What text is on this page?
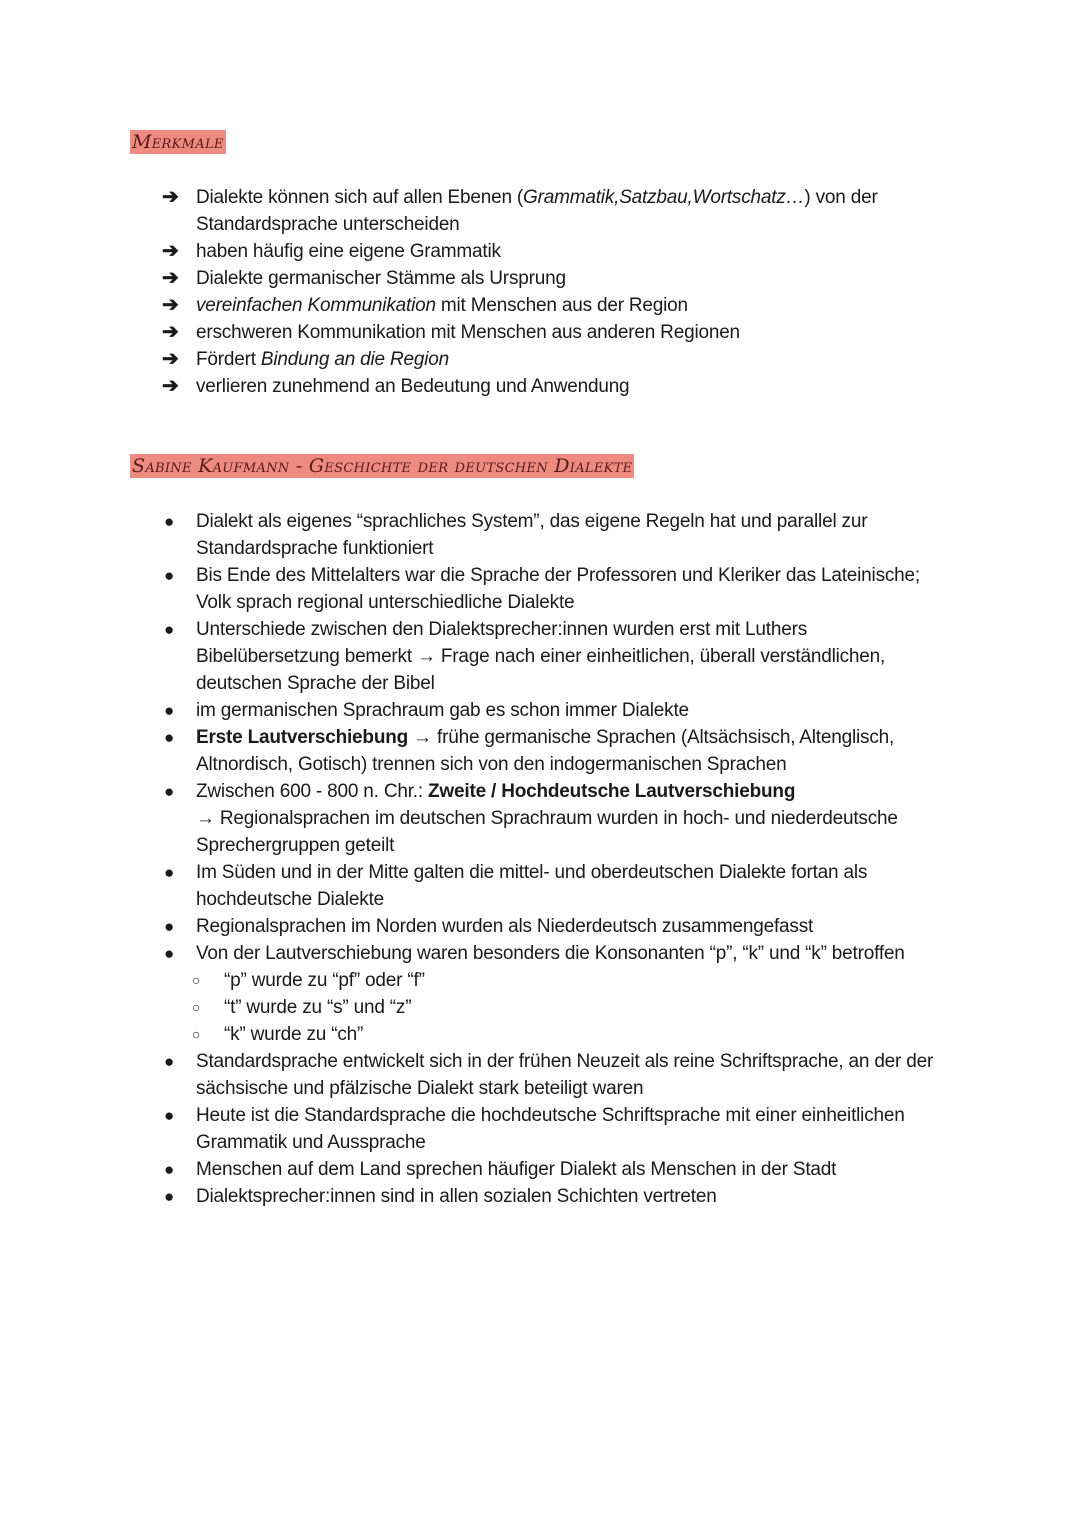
Merkmale
➔ Dialekte können sich auf allen Ebenen (Grammatik,Satzbau,Wortschatz…) von der Standardsprache unterscheiden
➔ haben häufig eine eigene Grammatik
➔ Dialekte germanischer Stämme als Ursprung
➔ vereinfachen Kommunikation mit Menschen aus der Region
➔ erschweren Kommunikation mit Menschen aus anderen Regionen
➔ Fördert Bindung an die Region
➔ verlieren zunehmend an Bedeutung und Anwendung
Sabine Kaufmann - Geschichte der deutschen Dialekte
●	Dialekt als eigenes “sprachliches System”, das eigene Regeln hat und parallel zur Standardsprache funktioniert
●	Bis Ende des Mittelalters war die Sprache der Professoren und Kleriker das Lateinische; Volk sprach regional unterschiedliche Dialekte
●	Unterschiede zwischen den Dialektsprecher:innen wurden erst mit Luthers Bibelübersetzung bemerkt → Frage nach einer einheitlichen, überall verständlichen, deutschen Sprache der Bibel
●	im germanischen Sprachraum gab es schon immer Dialekte
●	Erste Lautverschiebung → frühe germanische Sprachen (Altsächsisch, Altenglisch, Altnordisch, Gotisch) trennen sich von den indogermanischen Sprachen
●	Zwischen 600 - 800 n. Chr.: Zweite / Hochdeutsche Lautverschiebung
→ Regionalsprachen im deutschen Sprachraum wurden in hoch- und niederdeutsche Sprechergruppen geteilt
●	Im Süden und in der Mitte galten die mittel- und oberdeutschen Dialekte fortan als hochdeutsche Dialekte
●	Regionalsprachen im Norden wurden als Niederdeutsch zusammengefasst
●	Von der Lautverschiebung waren besonders die Konsonanten “p”, “k” und “k” betroffen
○	“p” wurde zu “pf” oder “f”
○	“t” wurde zu “s” und “z”
○	“k” wurde zu “ch”
●	Standardsprache entwickelt sich in der frühen Neuzeit als reine Schriftsprache, an der der sächsische und pfälzische Dialekt stark beteiligt waren
●	Heute ist die Standardsprache die hochdeutsche Schriftsprache mit einer einheitlichen Grammatik und Aussprache
●	Menschen auf dem Land sprechen häufiger Dialekt als Menschen in der Stadt
●	Dialektsprecher:innen sind in allen sozialen Schichten vertreten
